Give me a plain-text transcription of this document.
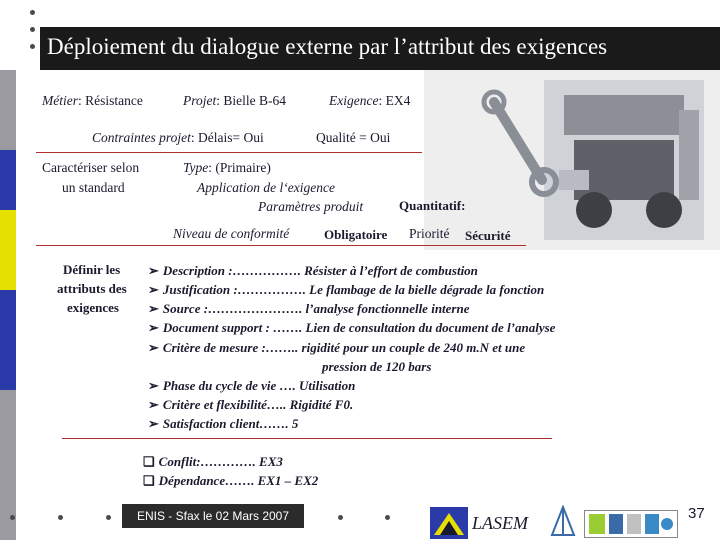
Déploiement du dialogue externe par l’attribut des exigences
Métier: Résistance	Projet: Bielle B-64	Exigence: EX4
Contraintes projet: Délais= Oui	Qualité = Oui
Caractériser selon
un standard
Type: (Primaire)
Application de l‘exigence
Paramètres produit	Quantitatif:
Niveau de conformité	Obligatoire Priorité Sécurité
Définir les
attributs des
exigences
➢ Description :……………. Résister à l’effort de combustion
➢ Justification :……………. Le flambage de la bielle dégrade la fonction
➢ Source :…………………. l’analyse fonctionnelle interne
➢ Document support : ……. Lien de consultation du document de l’analyse
➢ Critère de mesure :…….. rigidité pour un couple de 240 m.N et une
pression de 120 bars
➢ Phase du cycle de vie …. Utilisation
➢ Critère et flexibilité….. Rigidité F0.
➢ Satisfaction client……. 5
❑ Conflit:…………. EX3
❑ Dépendance……. EX1 – EX2
ENIS - Sfax le 02 Mars 2007	LASEM	37
